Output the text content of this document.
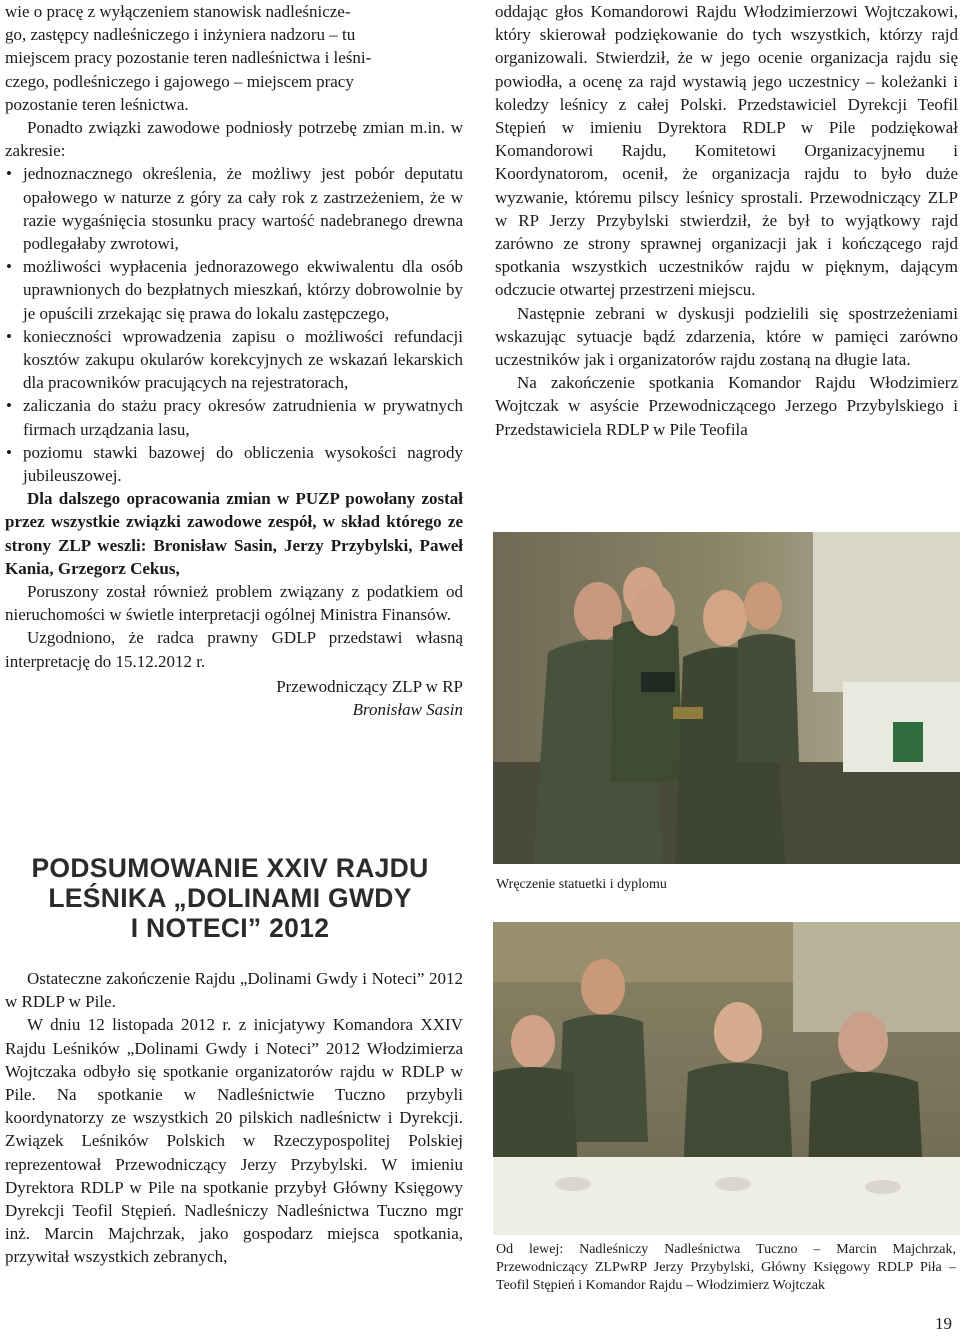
wie o pracę z wyłączeniem stanowisk nadleśnicze-
go, zastępcy nadleśniczego i inżyniera nadzoru – tu
miejscem pracy pozostanie teren nadleśnictwa i leśni-
czego, podleśniczego i gajowego – miejscem pracy
pozostanie teren leśnictwa.

Ponadto związki zawodowe podniosły potrzebę zmian m.in. w zakresie:

• jednoznacznego określenia, że możliwy jest pobór deputatu opałowego w naturze z góry za cały rok z zastrzeżeniem, że w razie wygaśnięcia stosunku pracy wartość nadebranego drewna podlegałaby zwrotowi,
• możliwości wypłacenia jednorazowego ekwiwalentu dla osób uprawnionych do bezpłatnych mieszkań, którzy dobrowolnie by je opuścili zrzekając się prawa do lokalu zastępczego,
• konieczności wprowadzenia zapisu o możliwości refundacji kosztów zakupu okularów korekcyjnych ze wskazań lekarskich dla pracowników pracujących na rejestratorach,
• zaliczania do stażu pracy okresów zatrudnienia w prywatnych firmach urządzania lasu,
• poziomu stawki bazowej do obliczenia wysokości nagrody jubileuszowej.

Dla dalszego opracowania zmian w PUZP powołany został przez wszystkie związki zawodowe zespół, w skład którego ze strony ZLP weszli: Bronisław Sasin, Jerzy Przybylski, Paweł Kania, Grzegorz Cekus,

Poruszony został również problem związany z podatkiem od nieruchomości w świetle interpretacji ogólnej Ministra Finansów.

Uzgodniono, że radca prawny GDLP przedstawi własną interpretację do 15.12.2012 r.

Przewodniczący ZLP w RP
Bronisław Sasin
PODSUMOWANIE XXIV RAJDU
LEŚNIKA „DOLINAMI GWDY
I NOTECI” 2012

Ostateczne zakończenie Rajdu „Dolinami Gwdy i Noteci” 2012 w RDLP w Pile.

W dniu 12 listopada 2012 r. z inicjatywy Komandora XXIV Rajdu Leśników „Dolinami Gwdy i Noteci” 2012 Włodzimierza Wojtczaka odbyło się spotkanie organizatorów rajdu w RDLP w Pile. Na spotkanie w Nadleśnictwie Tuczno przybyli koordynatorzy ze wszystkich 20 pilskich nadleśnictw i Dyrekcji. Związek Leśników Polskich w Rzeczypospolitej Polskiej reprezentował Przewodniczący Jerzy Przybylski. W imieniu Dyrektora RDLP w Pile na spotkanie przybył Główny Księgowy Dyrekcji Teofil Stępień. Nadleśniczy Nadleśnictwa Tuczno mgr inż. Marcin Majchrzak, jako gospodarz miejsca spotkania, przywitał wszystkich zebranych,

oddając głos Komandorowi Rajdu Włodzimierzowi Wojtczakowi, który skierował podziękowanie do tych wszystkich, którzy rajd organizowali. Stwierdził, że w jego ocenie organizacja rajdu się powiodła, a ocenę za rajd wystawią jego uczestnicy – koleżanki i koledzy leśnicy z całej Polski. Przedstawiciel Dyrekcji Teofil Stępień w imieniu Dyrektora RDLP w Pile podziękował Komandorowi Rajdu, Komitetowi Organizacyjnemu i Koordynatorom, ocenił, że organizacja rajdu to było duże wyzwanie, któremu pilscy leśnicy sprostali. Przewodniczący ZLP w RP Jerzy Przybylski stwierdził, że był to wyjątkowy rajd zarówno ze strony sprawnej organizacji jak i kończącego rajd spotkania wszystkich uczestników rajdu w pięknym, dającym odczucie otwartej przestrzeni miejscu.

Następnie zebrani w dyskusji podzielili się spostrzeżeniami wskazując sytuacje bądź zdarzenia, które w pamięci zarówno uczestników jak i organizatorów rajdu zostaną na długie lata.

Na zakończenie spotkania Komandor Rajdu Włodzimierz Wojtczak w asyście Przewodniczącego Jerzego Przybylskiego i Przedstawiciela RDLP w Pile Teofila

Wręczenie statuetki i dyplomu
Od lewej: Nadleśniczy Nadleśnictwa Tuczno – Marcin Majchrzak, Przewodniczący ZLPwRP Jerzy Przybylski, Główny Księgowy RDLP Piła – Teofil Stępień i Komandor Rajdu – Włodzimierz Wojtczak
19
